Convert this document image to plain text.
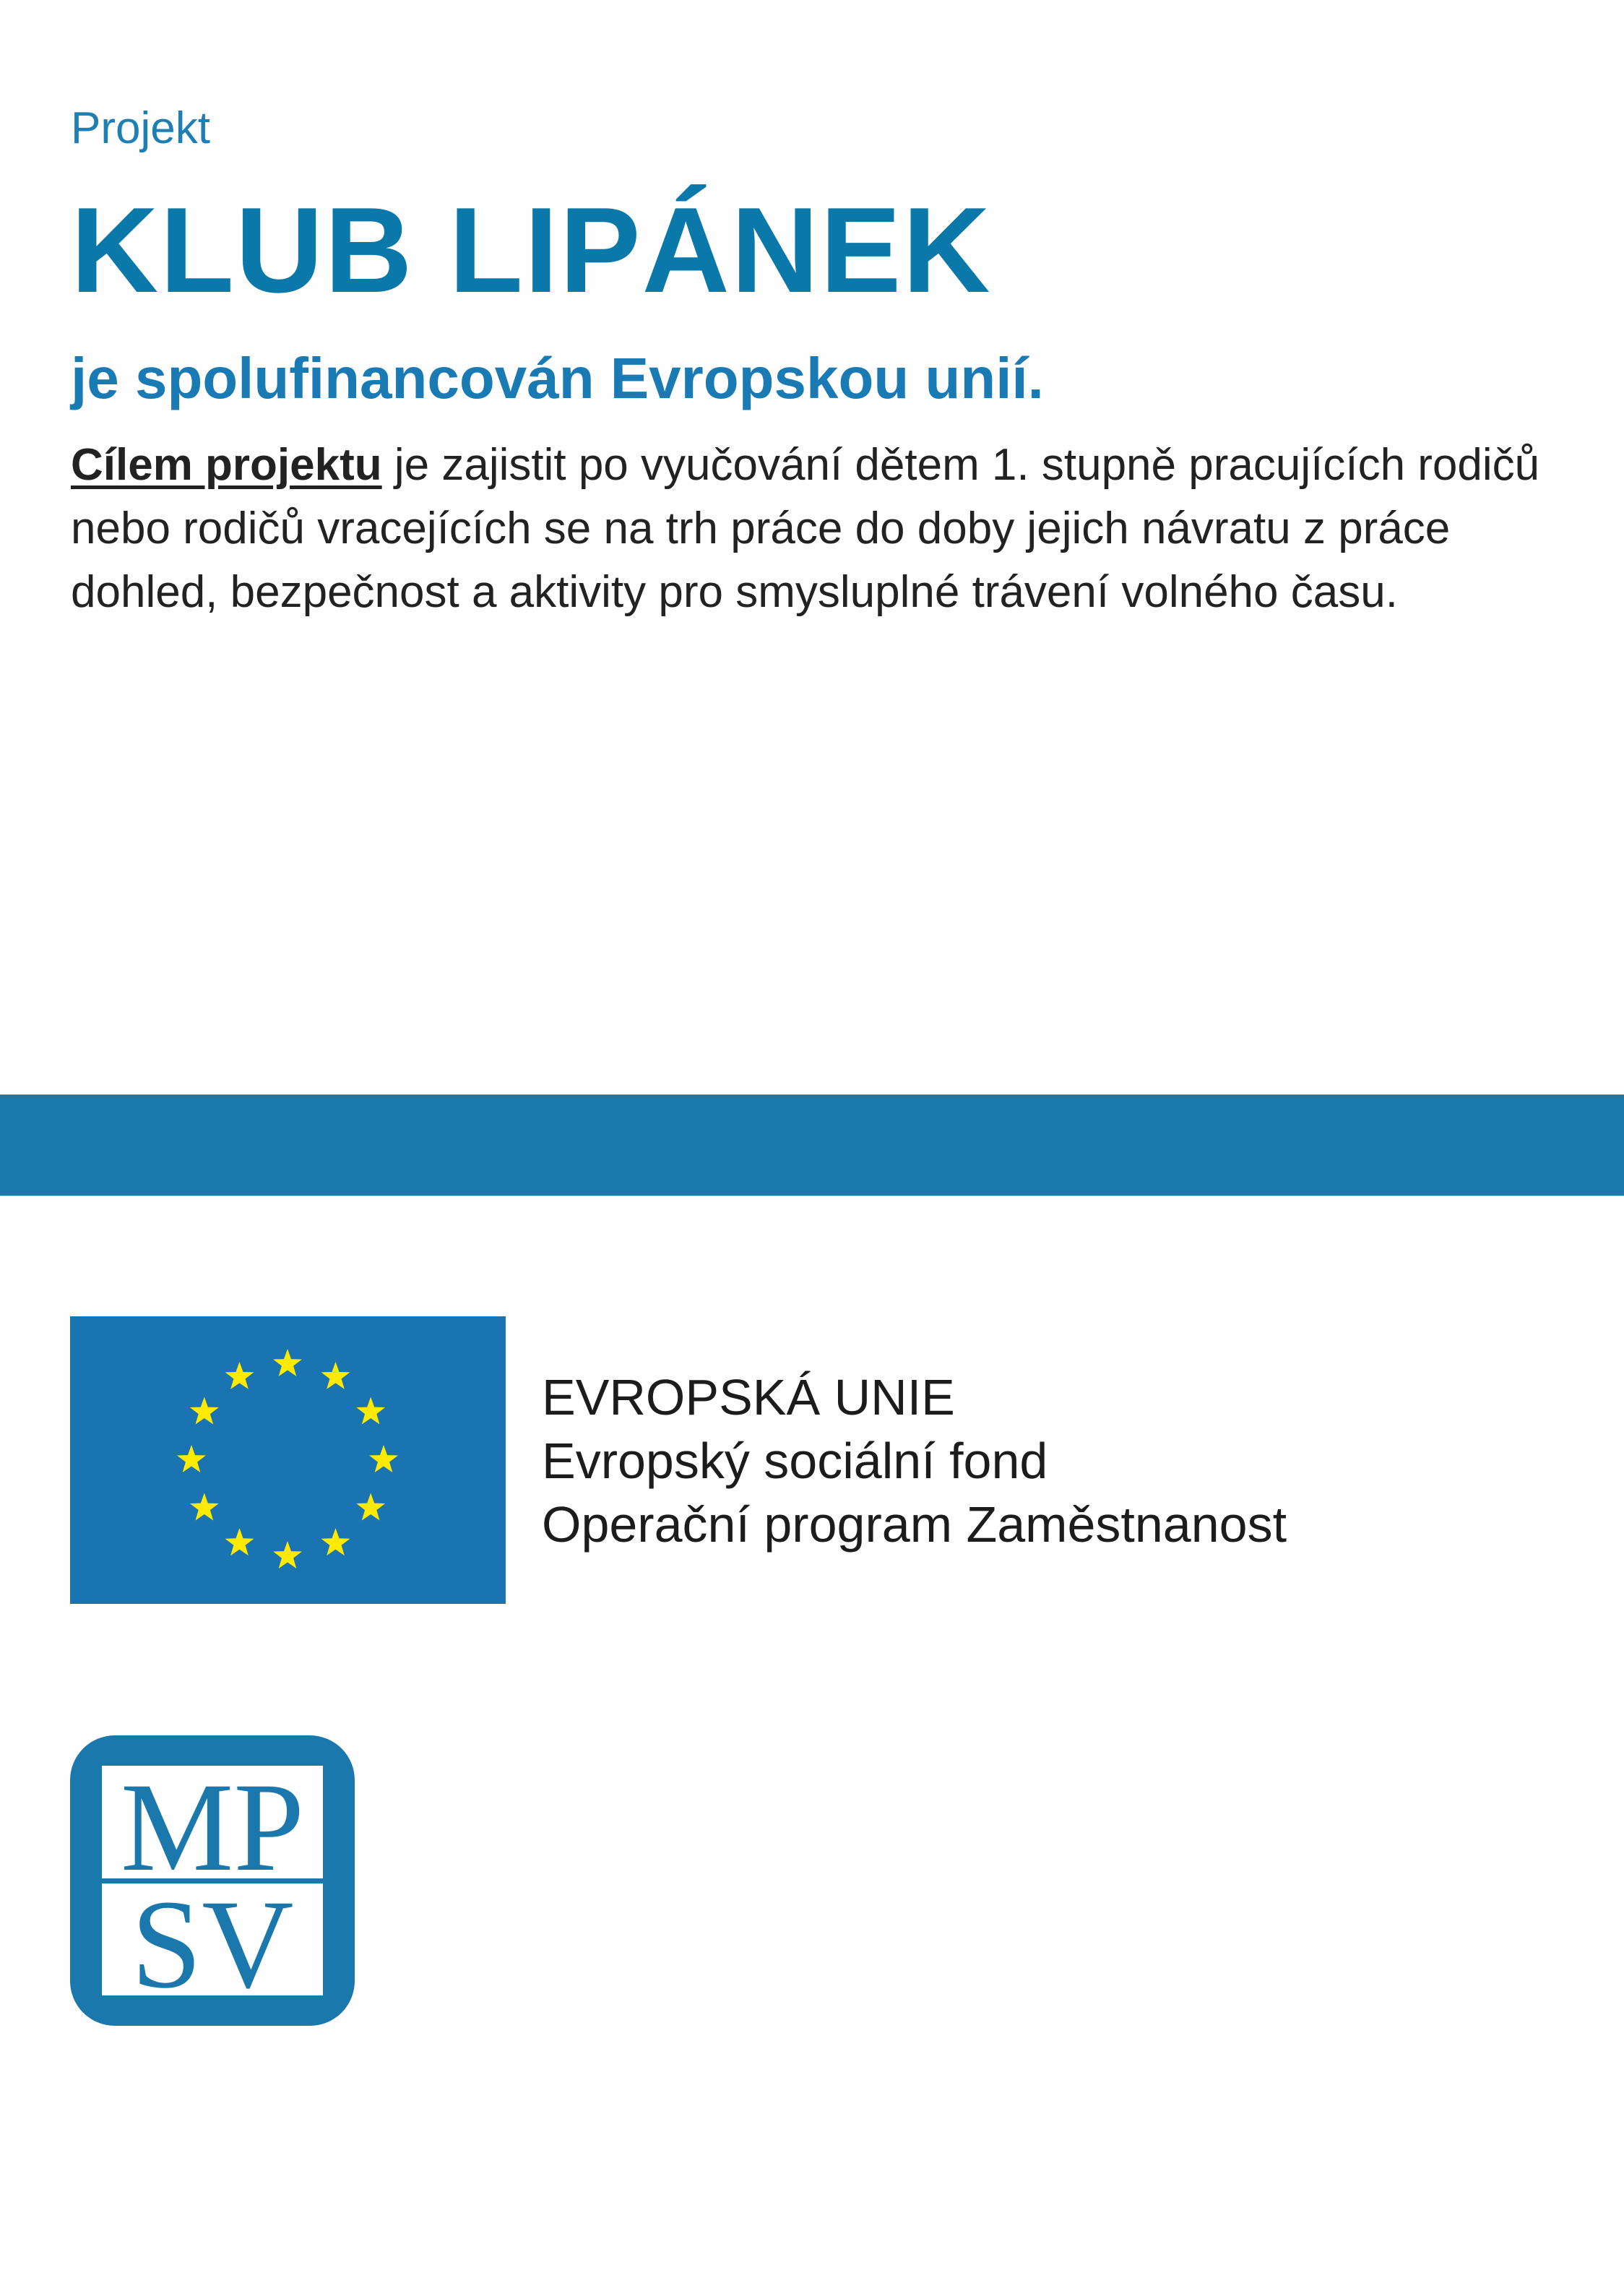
Projekt
KLUB LIPÁNEK
je spolufinancován Evropskou unií.
Cílem projektu je zajistit po vyučování dětem 1. stupně pracujících rodičů nebo rodičů vracejících se na trh práce do doby jejich návratu z práce dohled, bezpečnost a aktivity pro smysluplné trávení volného času.
EVROPSKÁ UNIE
Evropský sociální fond
Operační program Zaměstnanost
MP
SV
